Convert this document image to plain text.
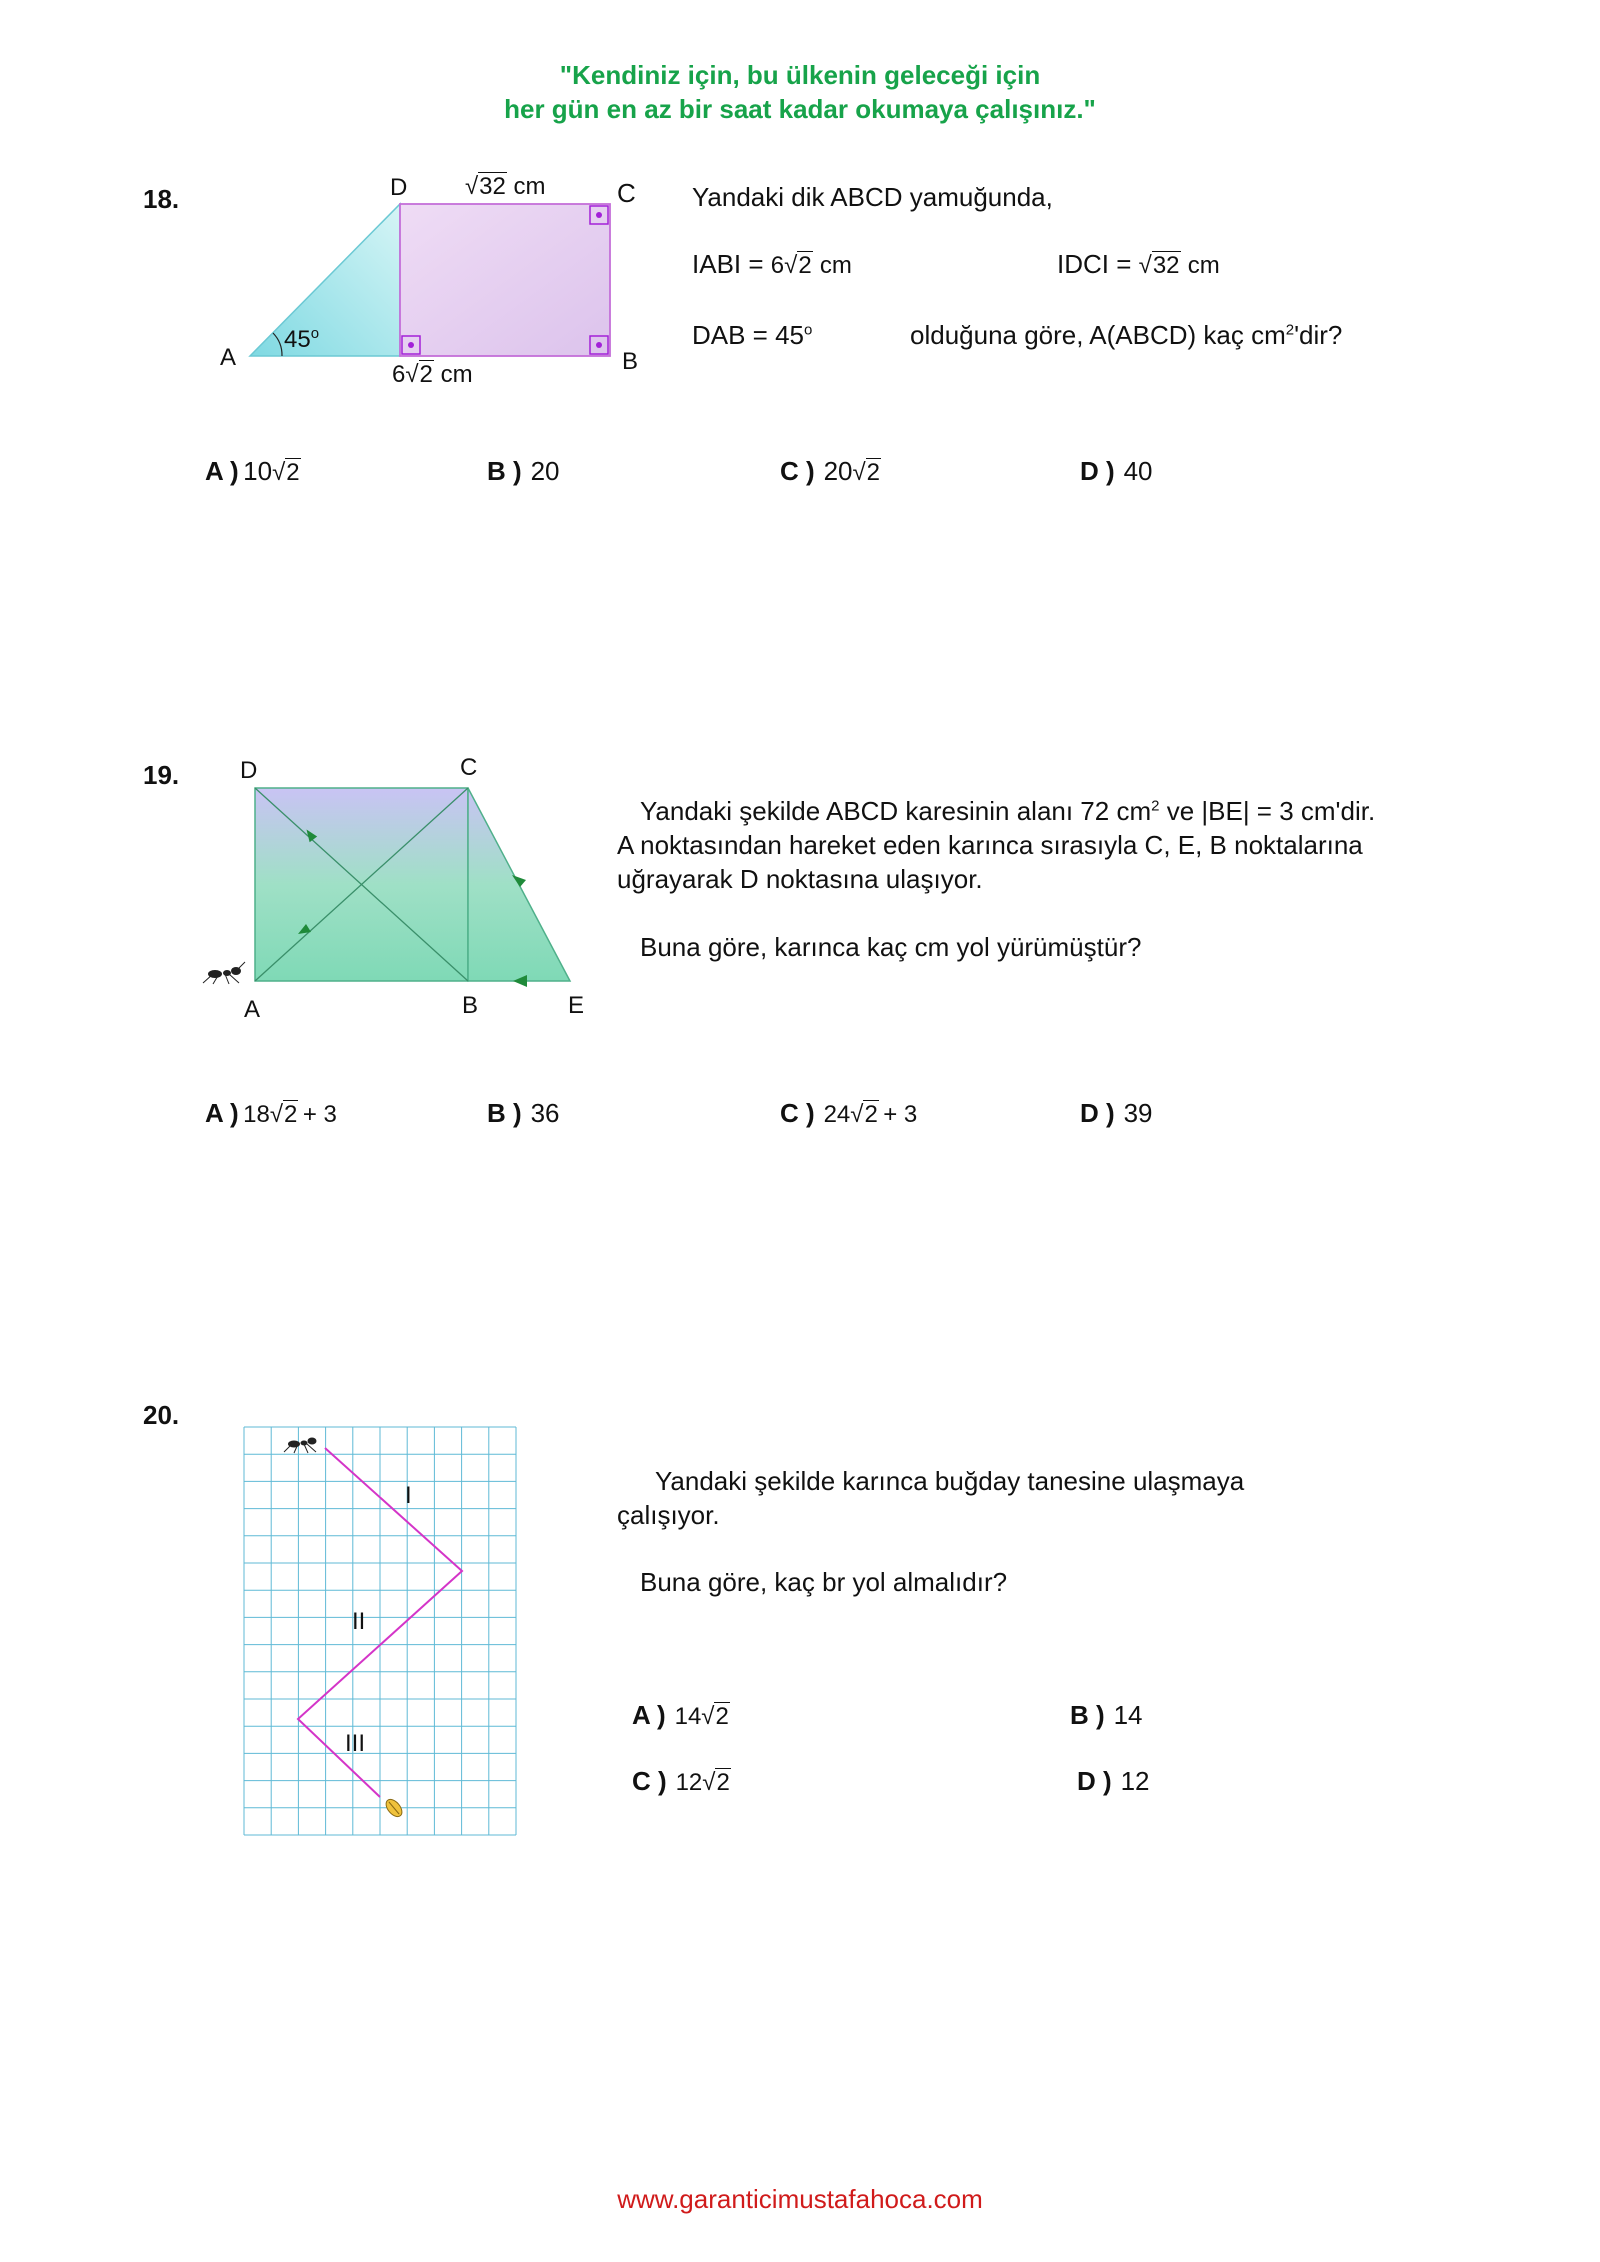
"Kendiniz için, bu ülkenin geleceği için
her gün en az bir saat kadar okumaya çalışınız."
18.	D	C
A	B
√32 cm
45$^o$
6√2 cm
Yandaki dik ABCD yamuğunda,
IABI = 6√2 cm	IDCI = √32 cm
DAB = $45^o$	olduğuna göre, A(ABCD) kaç $cm^2'dir$?
A ) 10√2	B ) 20	C ) 20√2	D ) 40
19.	D	C
A	B	E
Yandaki şekilde ABCD karesinin alanı 72 $cm^2$ ve |BE| = 3 cm'dir.
A noktasından hareket eden karınca sırasıyla C, E, B noktalarına
uğrayarak D noktasına ulaşıyor.
Buna göre, karınca kaç cm yol yürümüştür?
A ) 18√2 + 3	B ) 36	C ) 24√2 + 3	D ) 39
20.
I
II
III
Yandaki şekilde karınca buğday tanesine ulaşmaya
çalışıyor.
Buna göre, kaç br yol almalıdır?
A ) 14√2	B ) 14
C ) 12√2	D ) 12
www.garanticimustafahoca.com
